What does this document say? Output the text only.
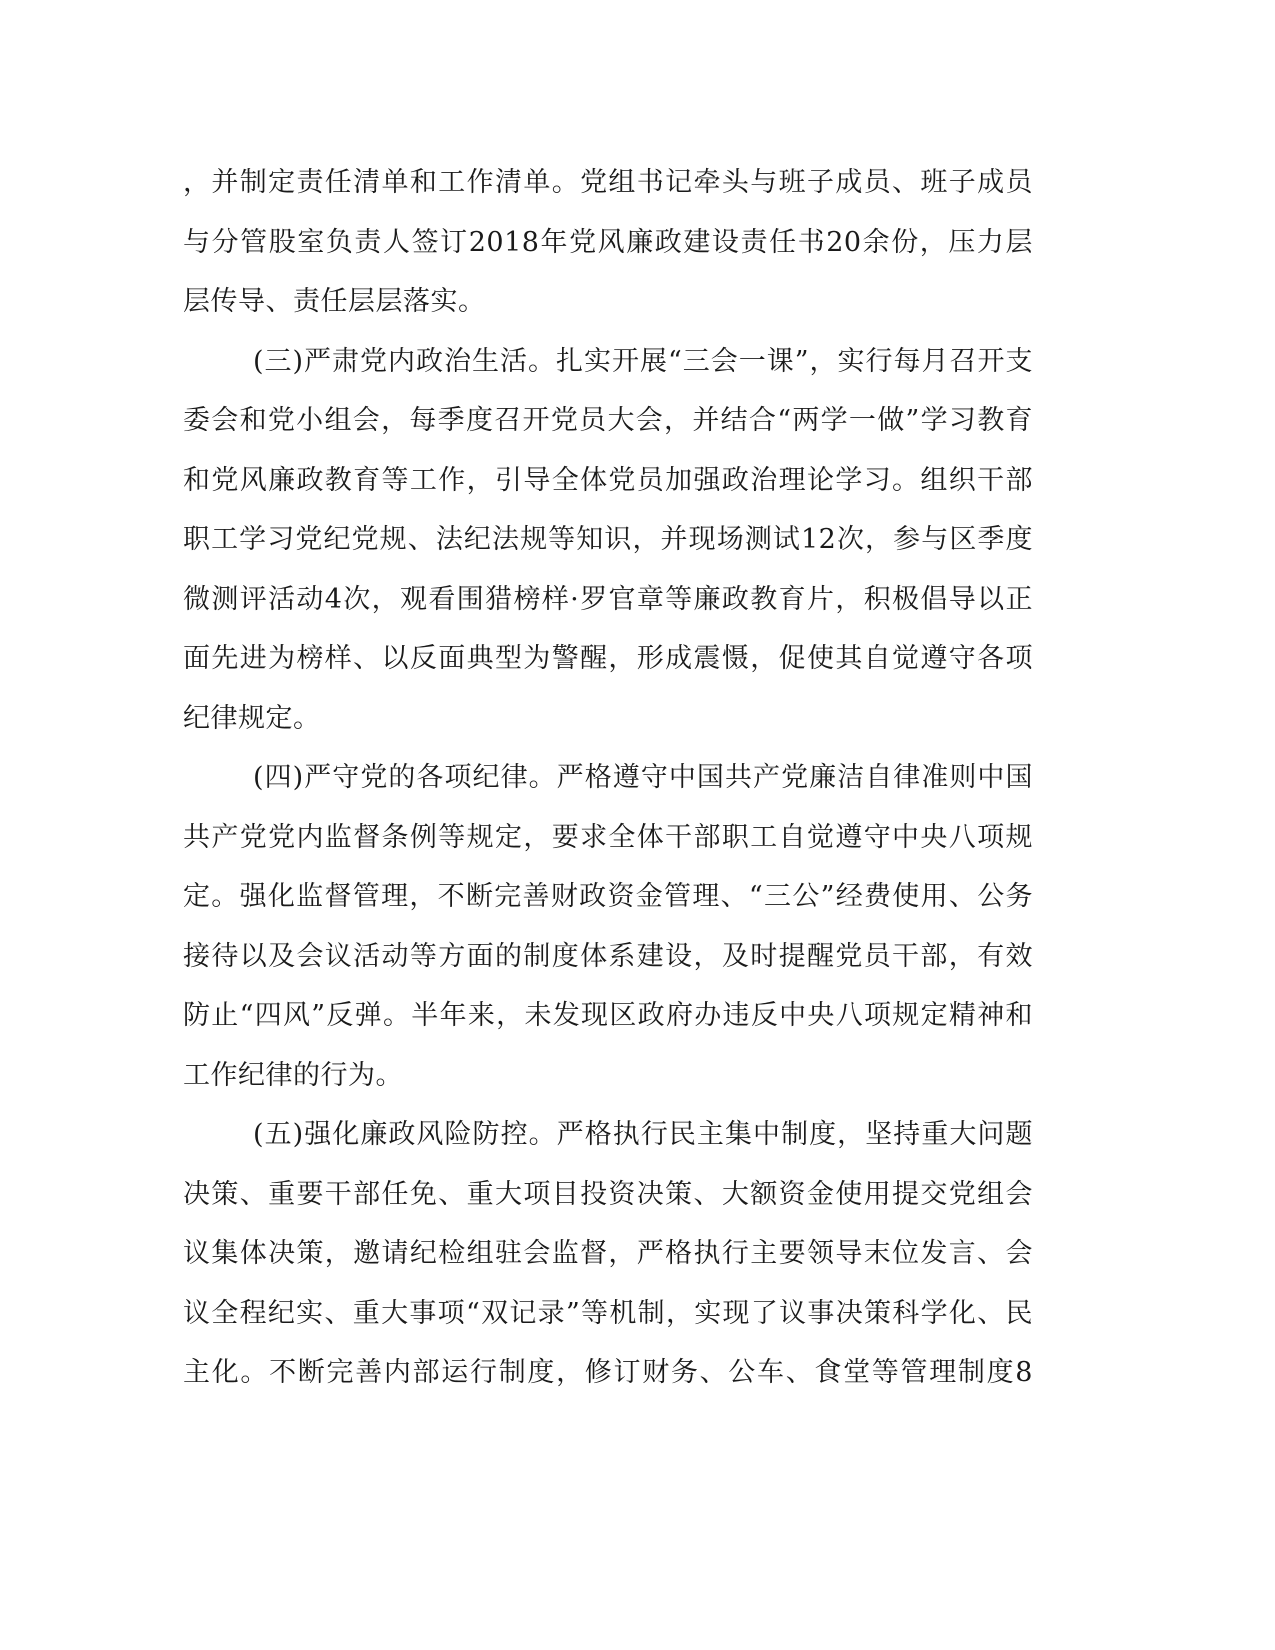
，并制定责任清单和工作清单。党组书记牵头与班子成员、班子成员
与分管股室负责人签订2018年党风廉政建设责任书20余份，压力层
层传导、责任层层落实。
(三)严肃党内政治生活。扎实开展“三会一课”，实行每月召开支
委会和党小组会，每季度召开党员大会，并结合“两学一做”学习教育
和党风廉政教育等工作，引导全体党员加强政治理论学习。组织干部
职工学习党纪党规、法纪法规等知识，并现场测试12次，参与区季度
微测评活动4次，观看围猎榜样·罗官章等廉政教育片，积极倡导以正
面先进为榜样、以反面典型为警醒，形成震慑，促使其自觉遵守各项
纪律规定。
(四)严守党的各项纪律。严格遵守中国共产党廉洁自律准则中国
共产党党内监督条例等规定，要求全体干部职工自觉遵守中央八项规
定。强化监督管理，不断完善财政资金管理、“三公”经费使用、公务
接待以及会议活动等方面的制度体系建设，及时提醒党员干部，有效
防止“四风”反弹。半年来，未发现区政府办违反中央八项规定精神和
工作纪律的行为。
(五)强化廉政风险防控。严格执行民主集中制度，坚持重大问题
决策、重要干部任免、重大项目投资决策、大额资金使用提交党组会
议集体决策，邀请纪检组驻会监督，严格执行主要领导末位发言、会
议全程纪实、重大事项“双记录”等机制，实现了议事决策科学化、民
主化。不断完善内部运行制度，修订财务、公车、食堂等管理制度8
